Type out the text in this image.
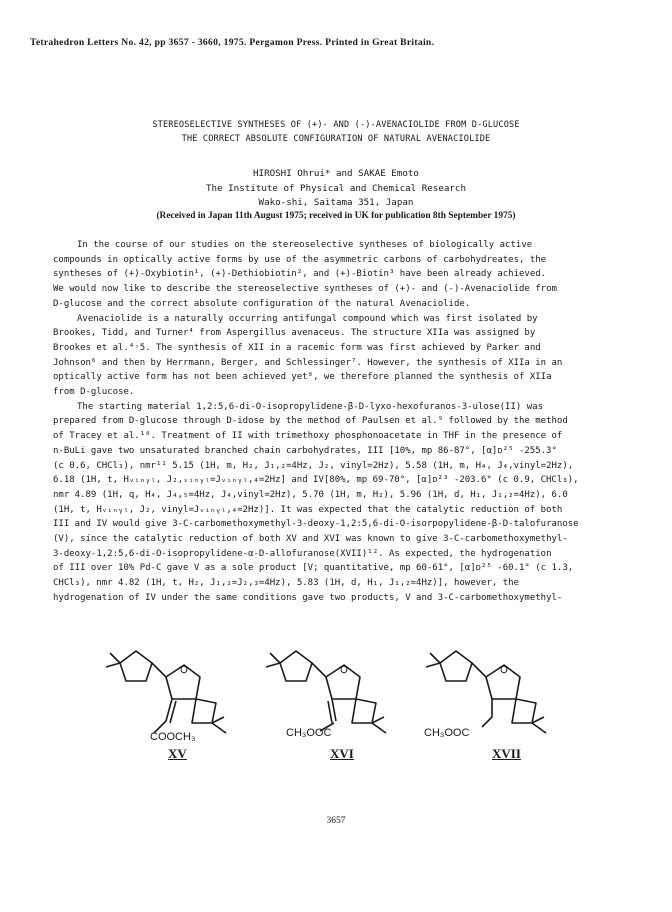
Tetrahedron Letters No. 42, pp 3657 - 3660, 1975. Pergamon Press. Printed in Great Britain.
STEREOSELECTIVE SYNTHESES OF (+)- AND (-)-AVENACIOLIDE FROM D-GLUCOSE
THE CORRECT ABSOLUTE CONFIGURATION OF NATURAL AVENACIOLIDE
HIROSHI Ohrui* and SAKAE Emoto
The Institute of Physical and Chemical Research
Wako-shi, Saitama 351, Japan
(Received in Japan 11th August 1975; received in UK for publication 8th September 1975)
In the course of our studies on the stereoselective syntheses of biologically active
compounds in optically active forms by use of the asymmetric carbons of carbohydreates, the
syntheses of (+)-Oxybiotin¹, (+)-Dethiobiotin², and (+)-Biotin³ have been already achieved.
We would now like to describe the stereoselective syntheses of (+)- and (-)-Avenaciolide from
D-glucose and the correct absolute configuration of the natural Avenaciolide.
Avenaciolide is a naturally occurring antifungal compound which was first isolated by
Brookes, Tidd, and Turner⁴ from Aspergillus avenaceus. The structure XIIa was assigned by
Brookes et al.⁴˒5. The synthesis of XII in a racemic form was first achieved by Parker and
Johnson⁶ and then by Herrmann, Berger, and Schlessinger⁷. However, the synthesis of XIIa in an
optically active form has not been achieved yet⁸, we therefore planned the synthesis of XIIa
from D-glucose.
The starting material 1,2:5,6-di-O-isopropylidene-β-D-lyxo-hexofuranos-3-ulose(II) was
prepared from D-glucose through D-idose by the method of Paulsen et al.⁹ followed by the method
of Tracey et al.¹⁰. Treatment of II with trimethoxy phosphonoacetate in THF in the presence of
n-BuLi gave two unsaturated branched chain carbohydrates, III [10%, mp 86-87°, [α]ᴅ²⁵ -255.3°
(c 0.6, CHCl₃), nmr¹¹ 5.15 (1H, m, H₂, J₁,₂=4Hz, J₂, vinyl=2Hz), 5.58 (1H, m, H₄, J₄,vinyl=2Hz),
6.18 (1H, t, Hᵥᵢₙᵧₗ, J₂,ᵥᵢₙᵧₗ=Jᵥᵢₙᵧₗ,₄=2Hz] and IV[80%, mp 69-70°, [α]ᴅ²³ -203.6° (c 0.9, CHCl₃),
nmr 4.89 (1H, q, H₄, J₄,₅=4Hz, J₄,vinyl=2Hz), 5.70 (1H, m, H₂), 5.96 (1H, d, H₁, J₁,₂=4Hz), 6.0
(1H, t, Hᵥᵢₙᵧₗ, J₂, vinyl=Jᵥᵢₙᵧₗ,₄=2Hz)]. It was expected that the catalytic reduction of both
III and IV would give 3-C-carbomethoxymethyl-3-deoxy-1,2:5,6-di-O-isorpopylidene-β-D-talofuranose
(V), since the catalytic reduction of both XV and XVI was known to give 3-C-carbomethoxymethyl-
3-deoxy-1,2:5,6-di-O-isopropylidene-α-D-allofuranose(XVII)¹². As expected, the hydrogenation
of III over 10% Pd-C gave V as a sole product [V; quantitative, mp 60-61°, [α]ᴅ²⁵ -60.1° (c 1.3,
CHCl₃), nmr 4.82 (1H, t, H₂, J₁,₂=J₂,₃=4Hz), 5.83 (1H, d, H₁, J₁,₂=4Hz)], however, the
hydrogenation of IV under the same conditions gave two products, V and 3-C-carbomethoxymethyl-
O
COOCH₃
XV
O
CH₃OOC
XVI
O
CH₃OOC
XVII
3657
